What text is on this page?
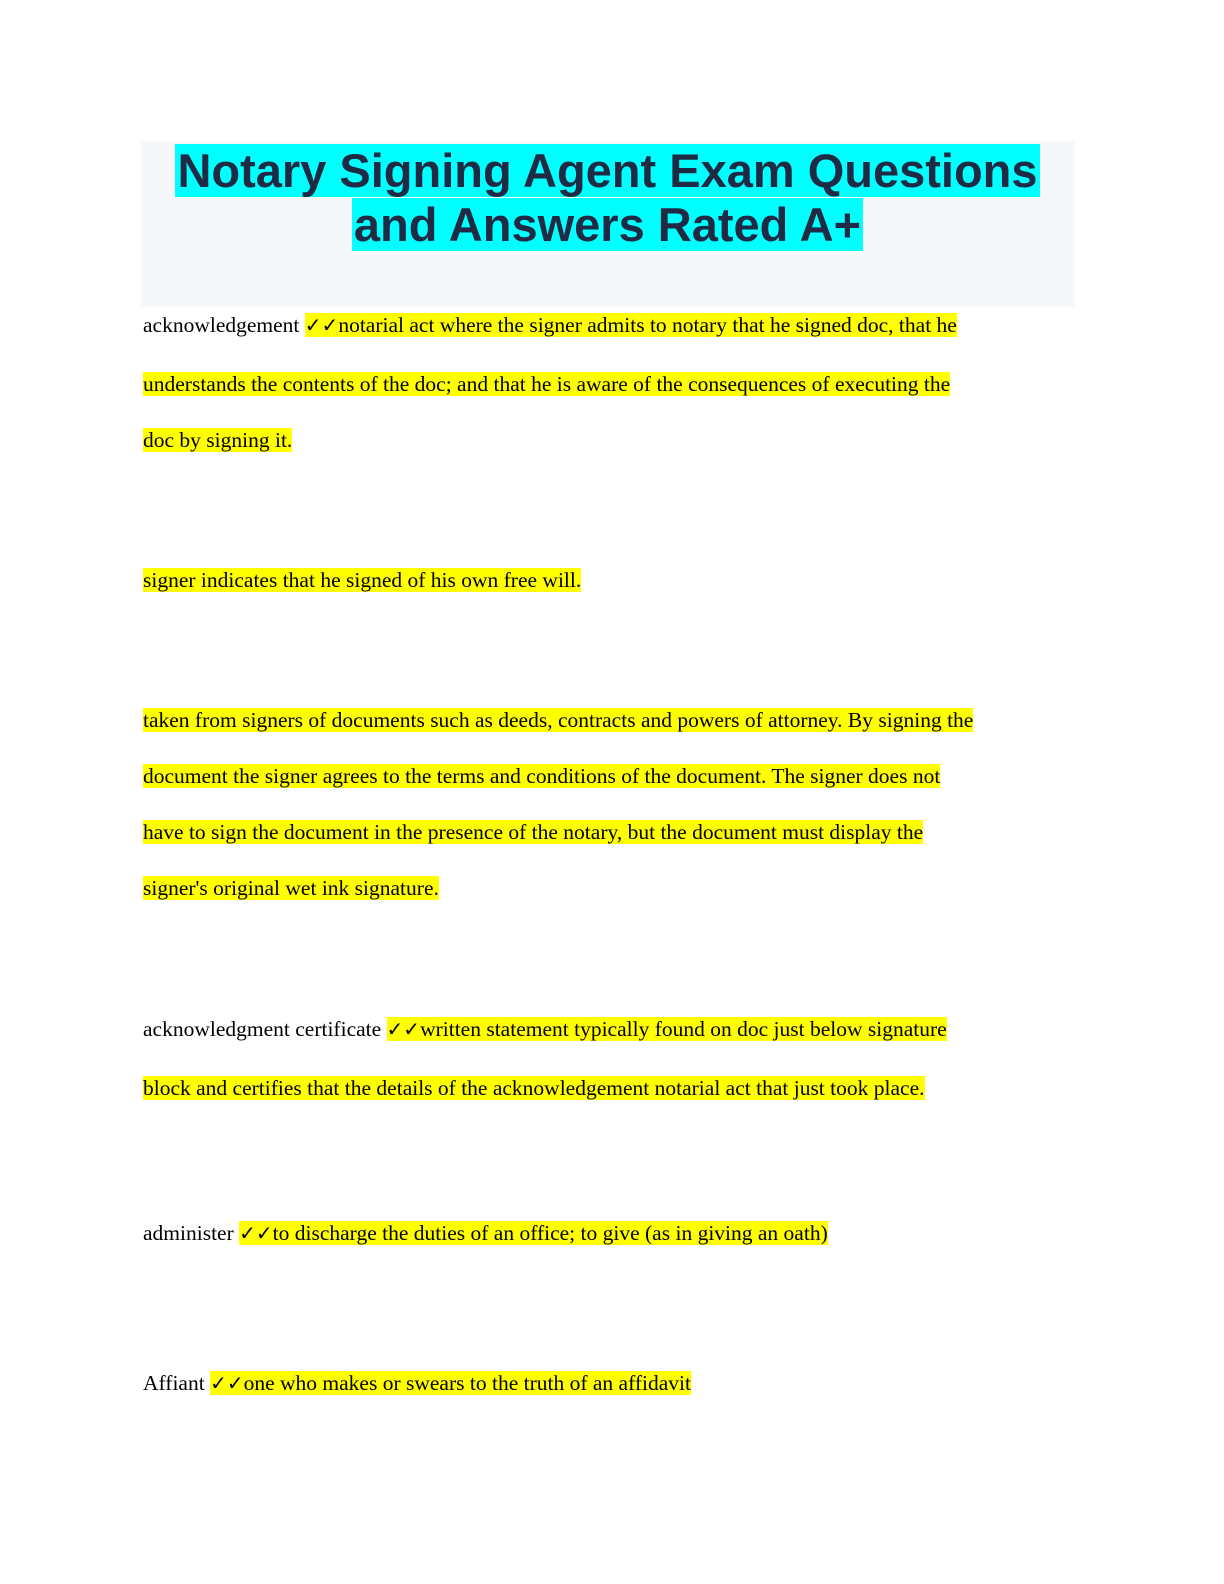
Notary Signing Agent Exam Questions
and Answers Rated A+

acknowledgement ✓✓notarial act where the signer admits to notary that he signed doc, that he
understands the contents of the doc; and that he is aware of the consequences of executing the
doc by signing it.

signer indicates that he signed of his own free will.

taken from signers of documents such as deeds, contracts and powers of attorney. By signing the
document the signer agrees to the terms and conditions of the document. The signer does not
have to sign the document in the presence of the notary, but the document must display the
signer's original wet ink signature.

acknowledgment certificate ✓✓written statement typically found on doc just below signature
block and certifies that the details of the acknowledgement notarial act that just took place.

administer ✓✓to discharge the duties of an office; to give (as in giving an oath)

Affiant ✓✓one who makes or swears to the truth of an affidavit
